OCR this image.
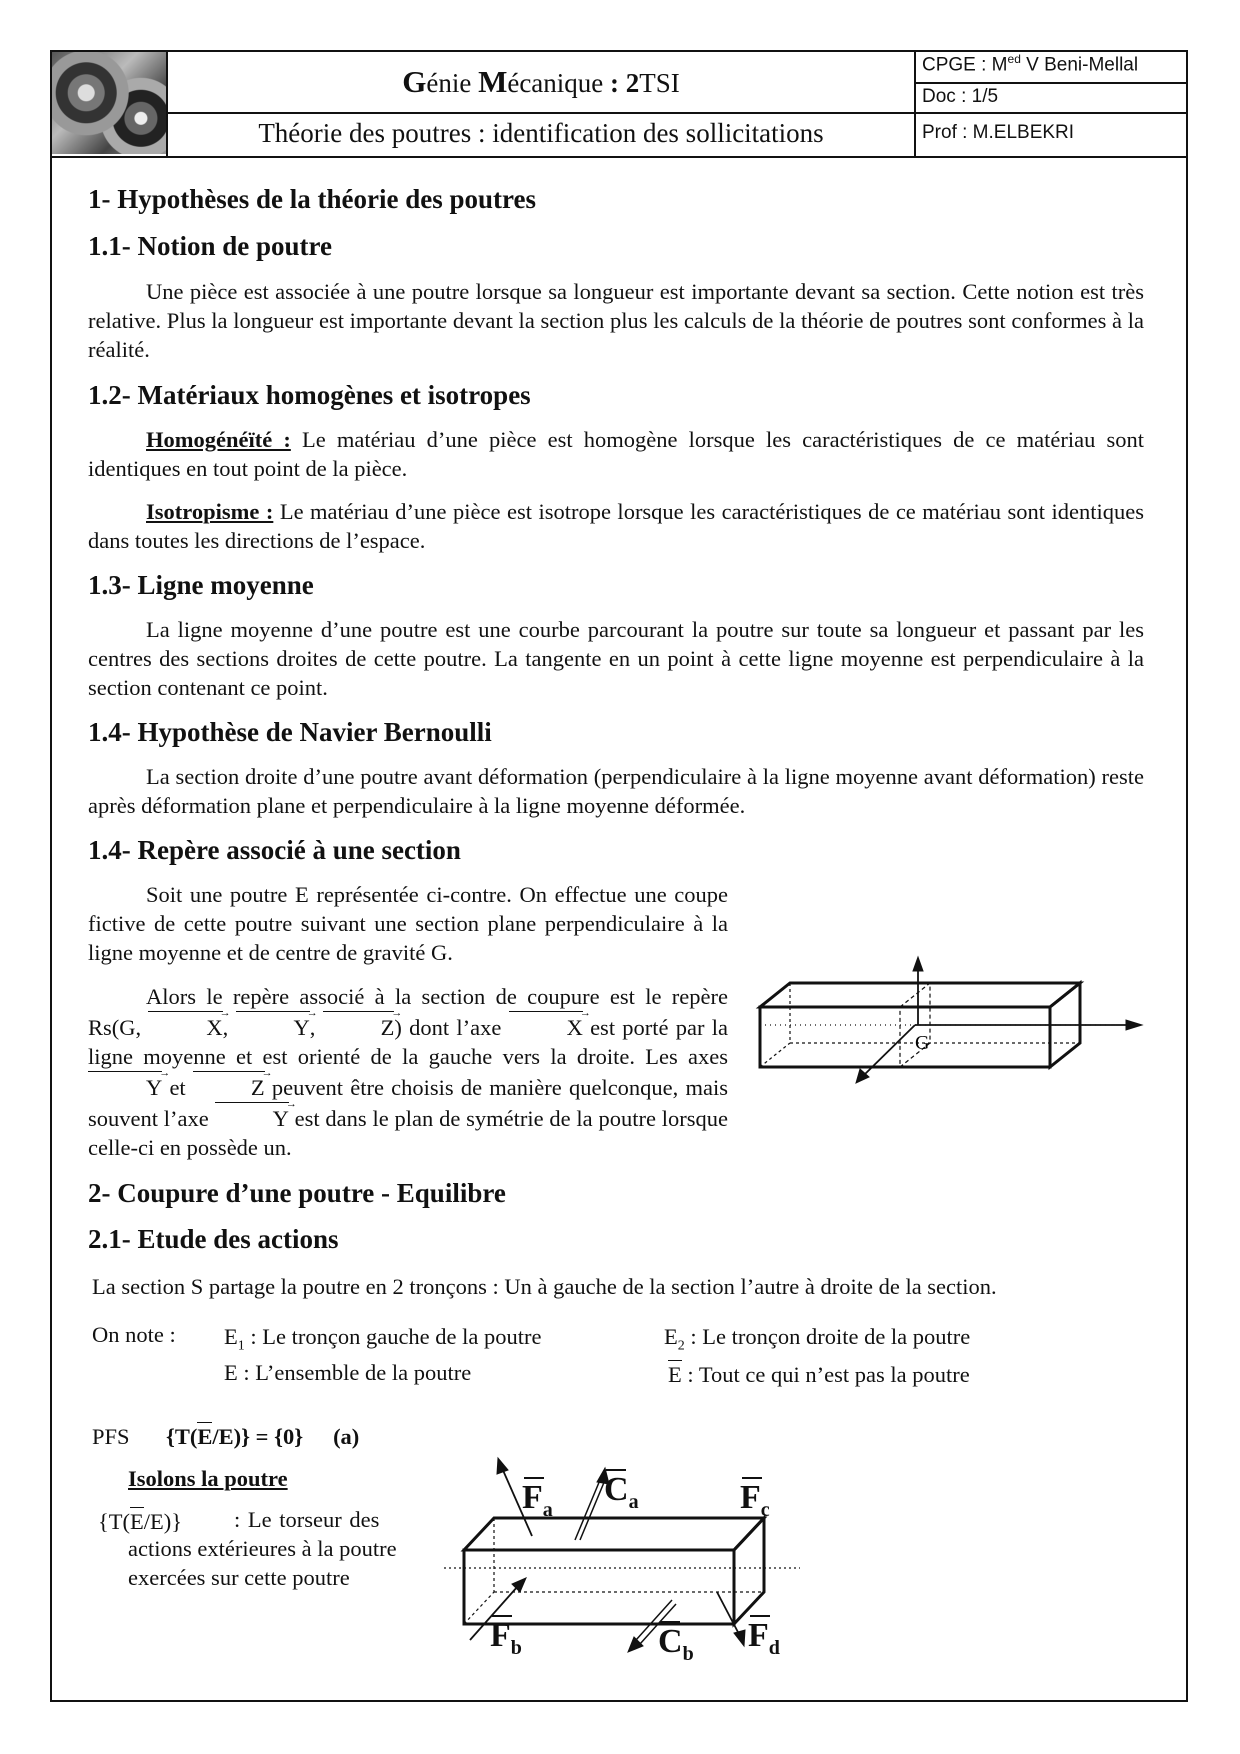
Génie Mécanique : 2TSI
Théorie des poutres : identification des sollicitations
CPGE : $M^{ed}$ V Beni-Mellal
Doc : 1/5
Prof : M.ELBEKRI
1- Hypothèses de la théorie des poutres
1.1- Notion de poutre
Une pièce est associée à une poutre lorsque sa longueur est importante devant sa section. Cette notion est très relative. Plus la longueur est importante devant la section plus les calculs de la théorie de poutres sont conformes à la réalité.
1.2- Matériaux homogènes et isotropes
Homogénéïté : Le matériau d’une pièce est homogène lorsque les caractéristiques de ce matériau sont identiques en tout point de la pièce.
Isotropisme : Le matériau d’une pièce est isotrope lorsque les caractéristiques de ce matériau sont identiques dans toutes les directions de l’espace.
1.3- Ligne moyenne
La ligne moyenne d’une poutre est une courbe parcourant la poutre sur toute sa longueur et passant par les centres des sections droites de cette poutre. La tangente en un point à cette ligne moyenne est perpendiculaire à la section contenant ce point.
1.4- Hypothèse de Navier Bernoulli
La section droite d’une poutre avant déformation (perpendiculaire à la ligne moyenne avant déformation) reste après déformation plane et perpendiculaire à la ligne moyenne déformée.
1.4- Repère associé à une section
Soit une poutre E représentée ci-contre. On effectue une coupe fictive de cette poutre suivant une section plane perpendiculaire à la ligne moyenne et de centre de gravité G.
Alors le repère associé à la section de coupure est le repère Rs(G,	X →,	Y →,	Z →) dont l’axe	X → est porté par la ligne moyenne et est orienté de la gauche vers la droite. Les axes Y → et	Z → peuvent être choisis de manière quelconque, mais souvent l’axe	Y → est dans le plan de symétrie de la poutre lorsque celle-ci en possède un.
G
2- Coupure d’une poutre - Equilibre
2.1- Etude des actions
La section S partage la poutre en 2 tronçons : Un à gauche de la section l’autre à droite de la section.
On note : $E_1$ : Le tronçon gauche de la poutre	$E_2$ : Le tronçon droite de la poutre
E : L’ensemble de la poutre	E : Tout ce qui n’est pas la poutre
PFS {T(E/E)} = {0} (a)
Isolons la poutre
{T(E/E)} : Le torseur des
actions extérieures à la poutre
exercées sur cette poutre
$F_a$
$C_a$	$F_c$
$F_b$	$C_b$ $F_d$
